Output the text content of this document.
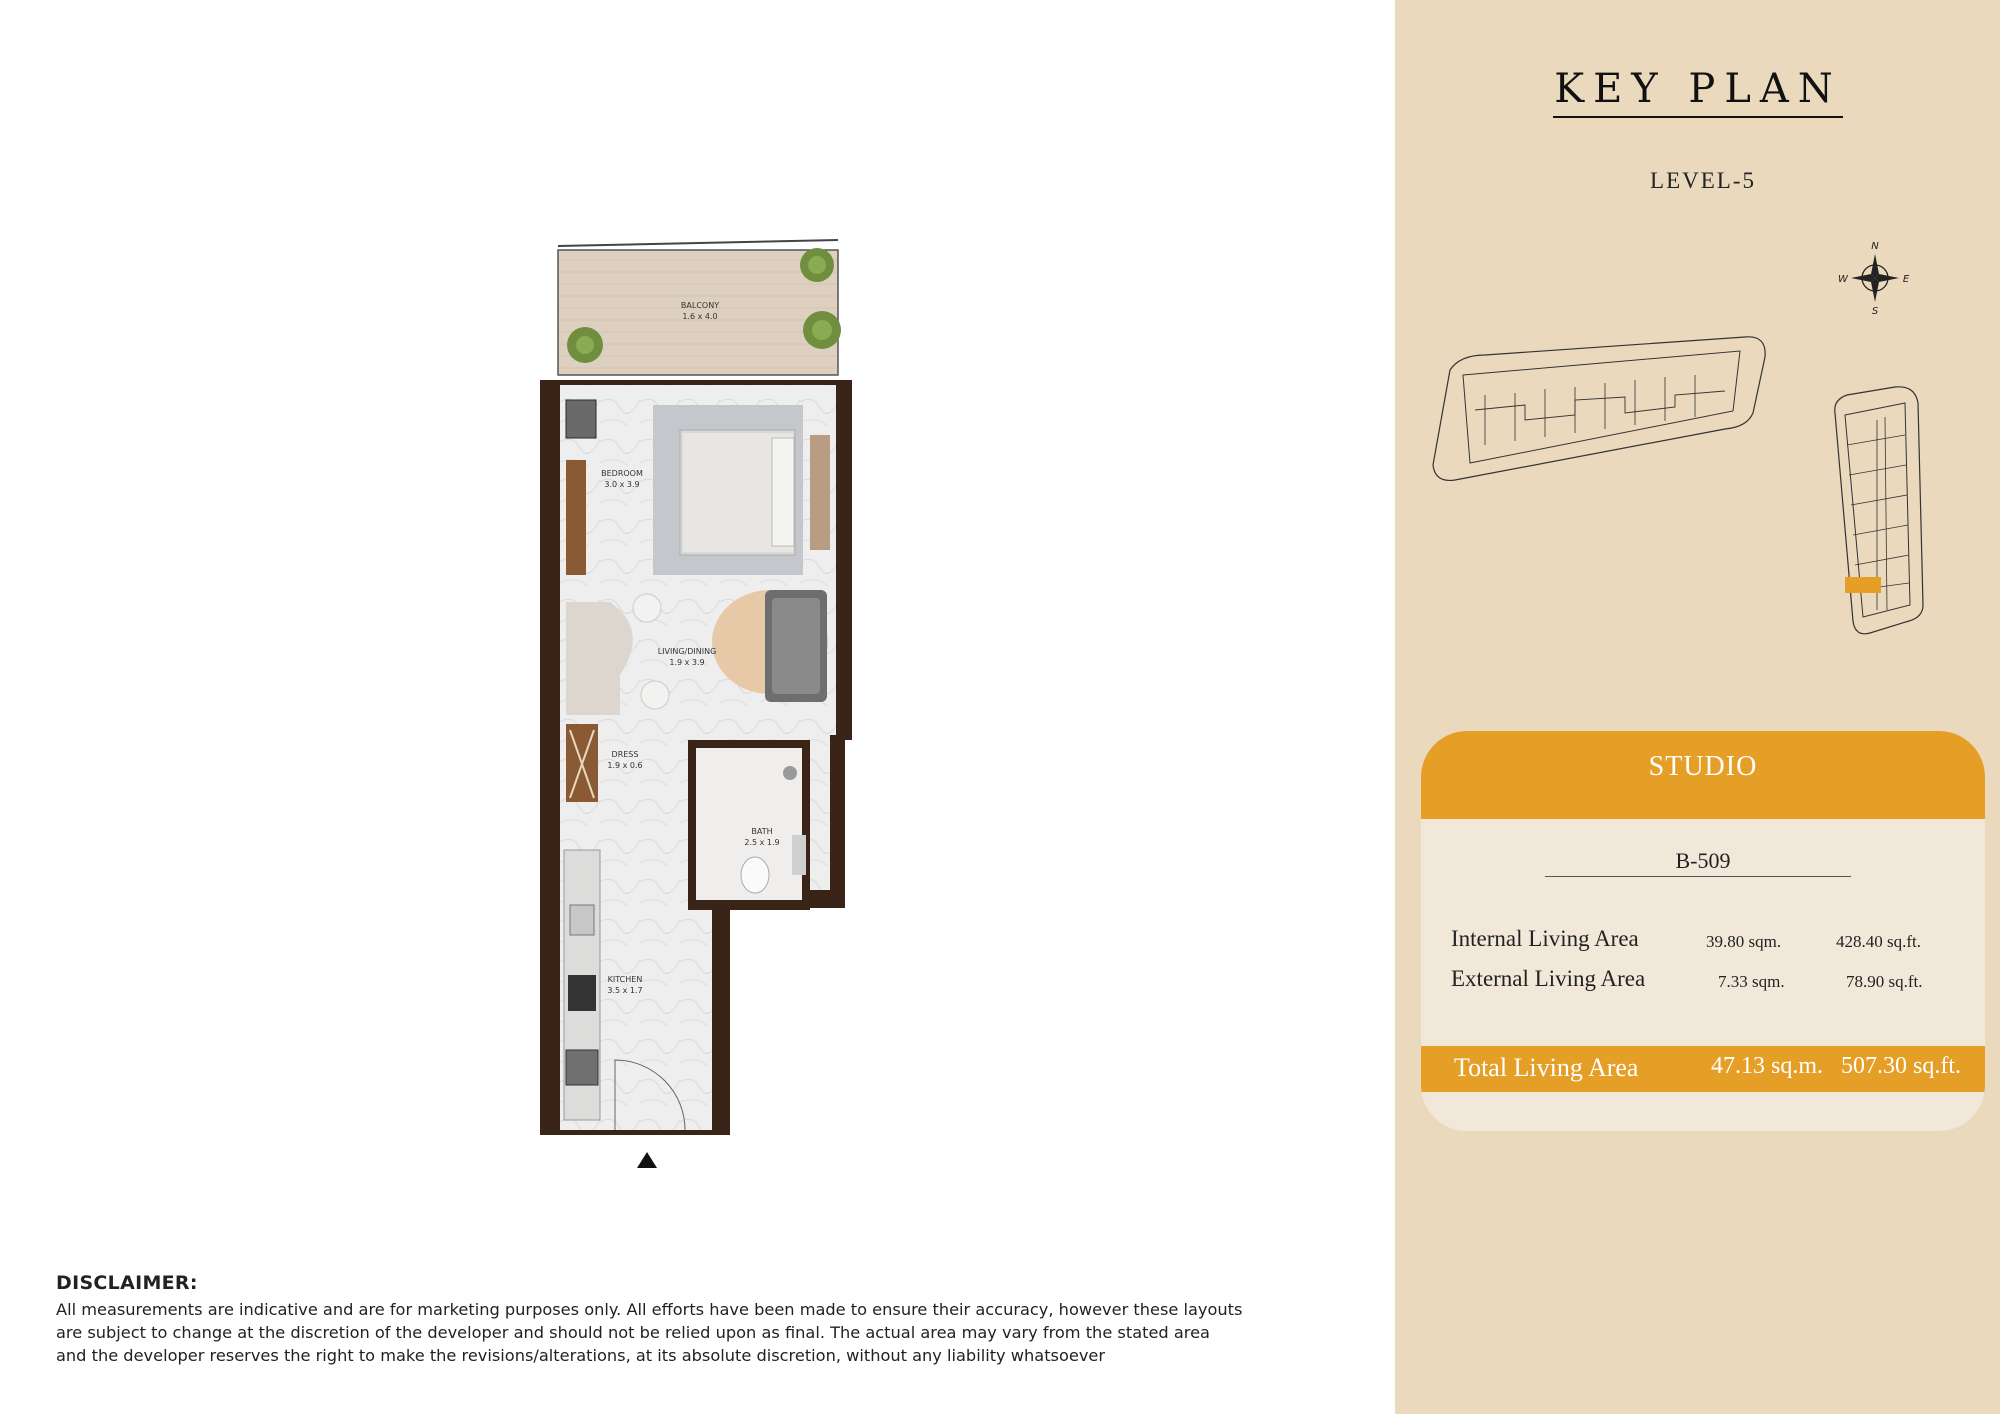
BALCONY
1.6 x 4.0
BEDROOM
3.0 x 3.9
LIVING/DINING
1.9 x 3.9
DRESS
1.9 x 0.6
BATH
2.5 x 1.9
KITCHEN
3.5 x 1.7
DISCLAIMER:
All measurements are indicative and are for marketing purposes only. All efforts have been made to ensure their accuracy, however these layouts
are subject to change at the discretion of the developer and should not be relied upon as final. The actual area may vary from the stated area
and the developer reserves the right to make the revisions/alterations, at its absolute discretion, without any liability whatsoever
KEY PLAN
LEVEL-5
N
S
W	E
STUDIO
B-509
Internal Living Area	39.80 sqm.	428.40 sq.ft.
External Living Area	7.33 sqm.	78.90 sq.ft.
Total Living Area	47.13 sq.m. 507.30 sq.ft.
